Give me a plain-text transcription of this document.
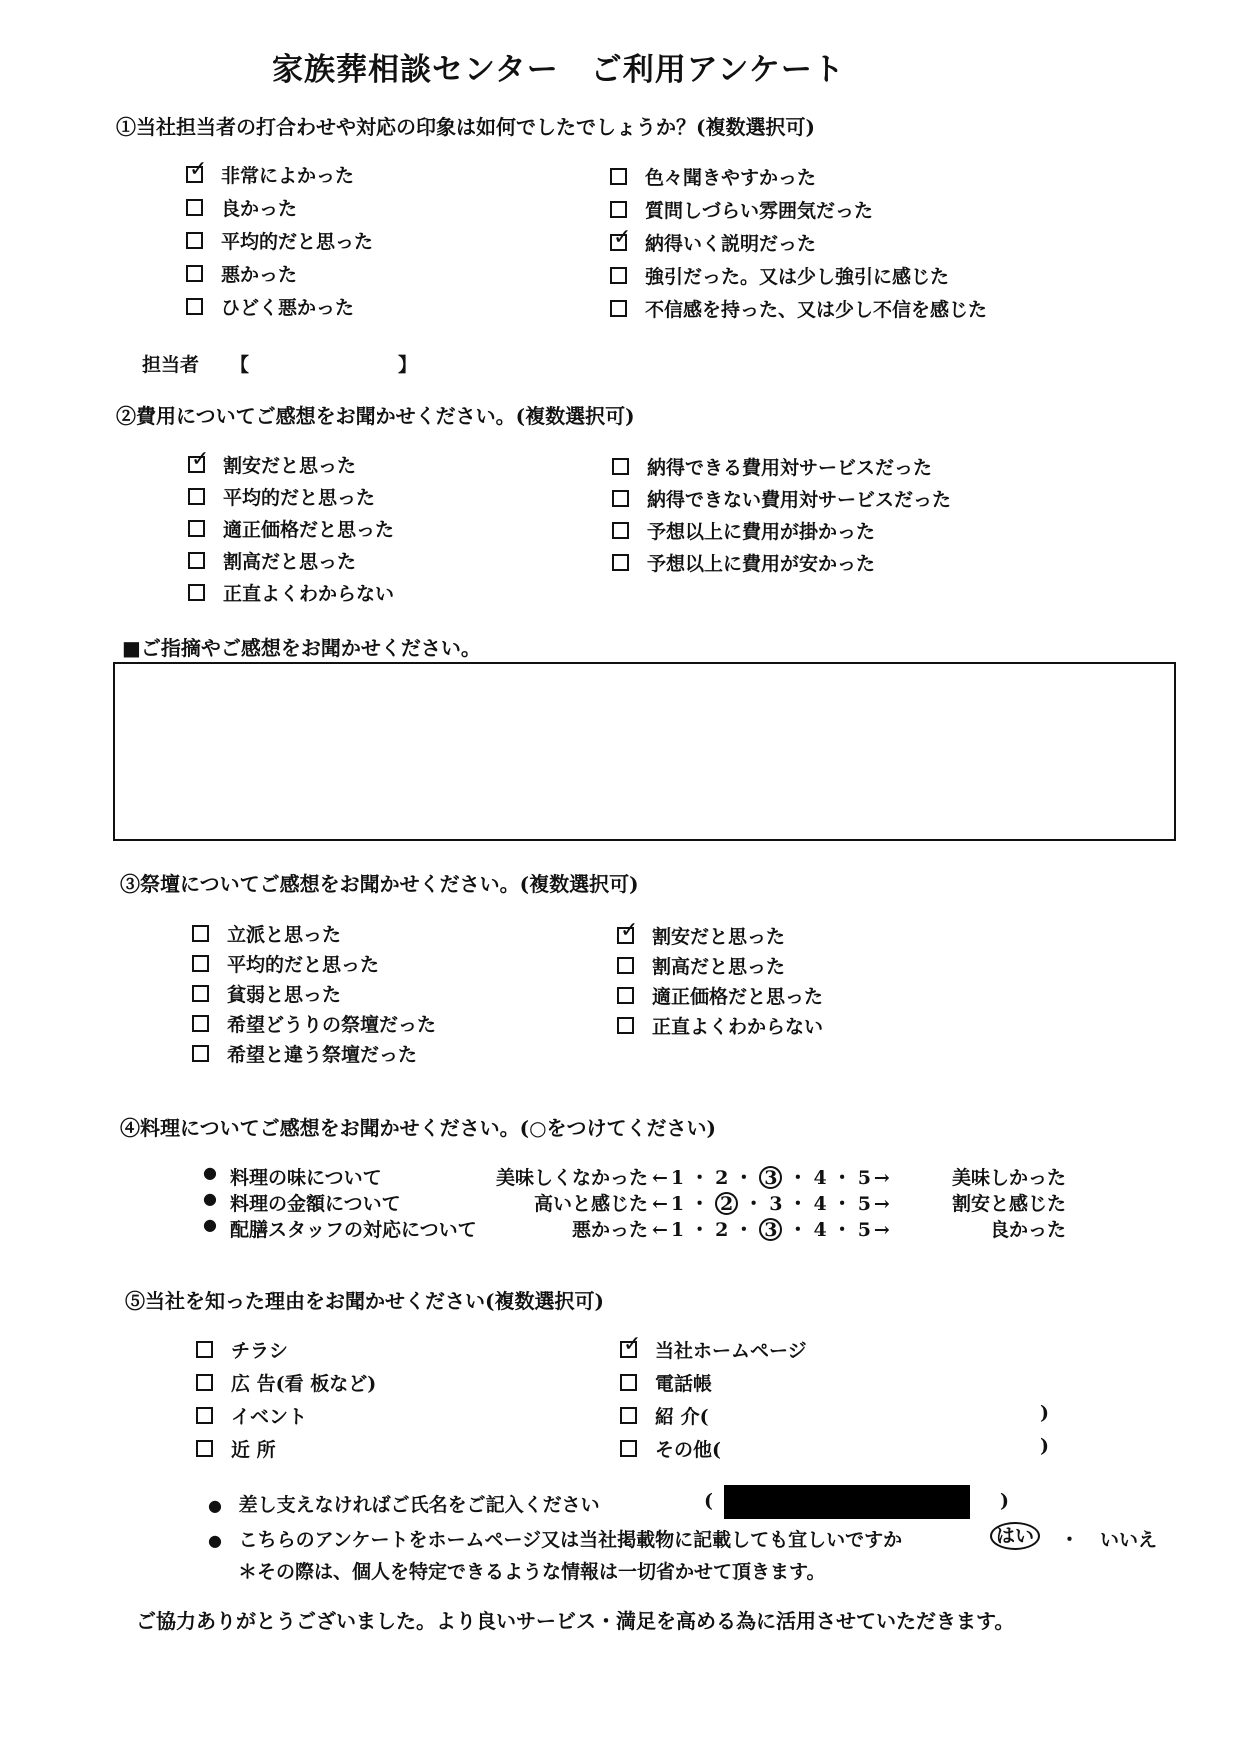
家族葬相談センター　ご利用アンケート
①当社担当者の打合わせや対応の印象は如何でしたでしょうか？(複数選択可)
✓ 非常によかった
良かった
平均的だと思った
悪かった
ひどく悪かった
色々聞きやすかった
質問しづらい雰囲気だった
✓ 納得いく説明だった
強引だった。又は少し強引に感じた
不信感を持った、又は少し不信を感じた
担当者 【	】
②費用についてご感想をお聞かせください。(複数選択可)
✓ 割安だと思った
平均的だと思った
適正価格だと思った
割高だと思った
正直よくわからない
納得できる費用対サービスだった
納得できない費用対サービスだった
予想以上に費用が掛かった
予想以上に費用が安かった
■ご指摘やご感想をお聞かせください。
③祭壇についてご感想をお聞かせください。(複数選択可)
立派と思った
平均的だと思った
貧弱と思った
希望どうりの祭壇だった
希望と違う祭壇だった
✓ 割安だと思った
割高だと思った
適正価格だと思った
正直よくわからない
④料理についてご感想をお聞かせください。(○をつけてください)
● 料理の味について	美味しくなかった ← 1 ・ 2 ・ 3 ・ 4 ・ 5 →	美味しかった
● 料理の金額について	高いと感じた ← 1 ・ 2 ・ 3 ・ 4 ・ 5 →	割安と感じた
● 配膳スタッフの対応について	悪かった ← 1 ・ 2 ・ 3 ・ 4 ・ 5 →	良かった
⑤当社を知った理由をお聞かせください(複数選択可)
チラシ
広 告(看 板など)
イベント
近 所
✓ 当社ホームページ
電話帳
紹 介(	)
その他(	)
● 差し支えなければご氏名をご記入ください	(	)
● こちらのアンケートをホームページ又は当社掲載物に記載しても宜しいですか	はい	・ いいえ
＊その際は、個人を特定できるような情報は一切省かせて頂きます。
ご協力ありがとうございました。より良いサービス・満足を高める為に活用させていただきます。
